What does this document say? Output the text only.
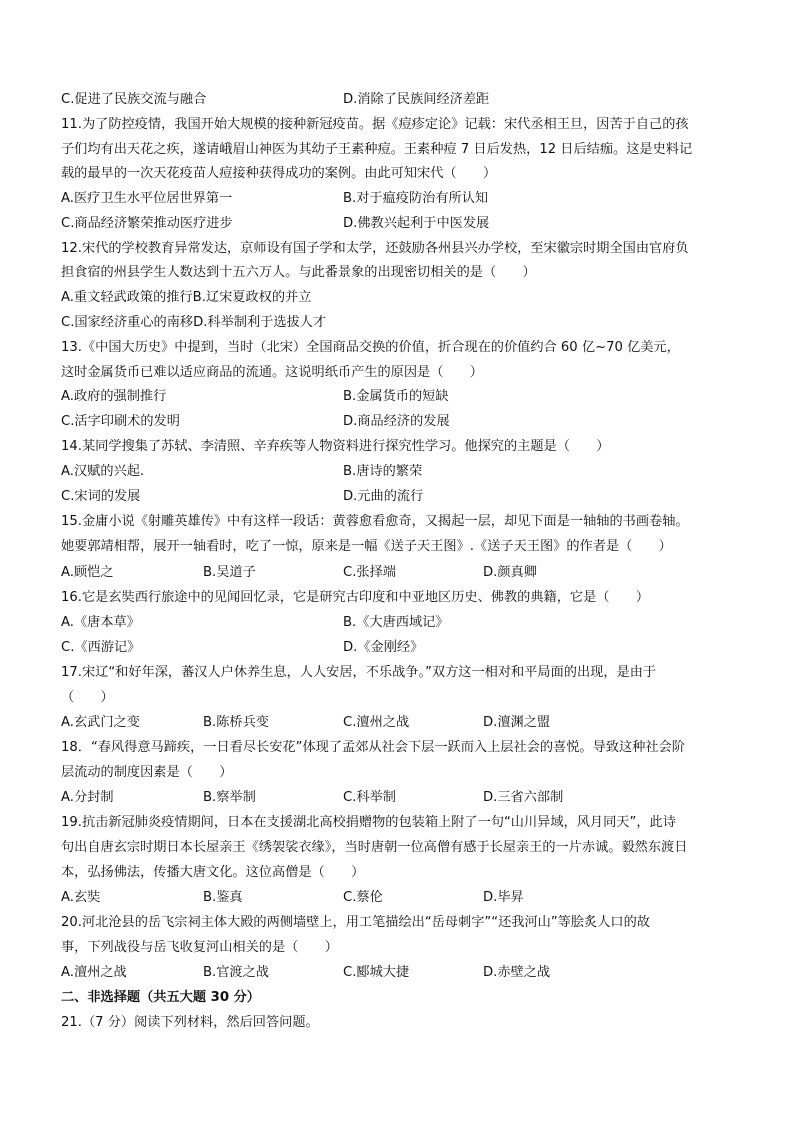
C.促进了民族交流与融合	D.消除了民族间经济差距
11.为了防控疫情，我国开始大规模的接种新冠疫苗。据《痘疹定论》记载：宋代丞相王旦，因苦于自己的孩
子们均有出天花之疾，遂请峨眉山神医为其幼子王素种痘。王素种痘 7 日后发热，12 日后结痂。这是史料记
载的最早的一次天花疫苗人痘接种获得成功的案例。由此可知宋代（　　）
A.医疗卫生水平位居世界第一	B.对于瘟疫防治有所认知
C.商品经济繁荣推动医疗进步	D.佛教兴起利于中医发展
12.宋代的学校教育异常发达，京师设有国子学和太学，还鼓励各州县兴办学校，至宋徽宗时期全国由官府负
担食宿的州县学生人数达到十五六万人。与此番景象的出现密切相关的是（　　）
A.重文轻武政策的推行B.辽宋夏政权的并立
C.国家经济重心的南移D.科举制利于选拔人才
13.《中国大历史》中提到，当时（北宋）全国商品交换的价值，折合现在的价值约合 60 亿~70 亿美元，
这时金属货币已难以适应商品的流通。这说明纸币产生的原因是（　　）
A.政府的强制推行	B.金属货币的短缺
C.活字印刷术的发明	D.商品经济的发展
14.某同学搜集了苏轼、李清照、辛弃疾等人物资料进行探究性学习。他探究的主题是（　　）
A.汉赋的兴起.	B.唐诗的繁荣
C.宋词的发展	D.元曲的流行
15.金庸小说《射雕英雄传》中有这样一段话：黄蓉愈看愈奇，又揭起一层，却见下面是一轴轴的书画卷轴。
她要郭靖相帮，展开一轴看时，吃了一惊，原来是一幅《送子天王图》.《送子天王图》的作者是（　　）
A.顾恺之	B.吴道子	C.张择端	D.颜真卿
16.它是玄奘西行旅途中的见闻回忆录，它是研究古印度和中亚地区历史、佛教的典籍，它是（　　）
A.《唐本草》	B.《大唐西域记》
C.《西游记》	D.《金刚经》
17.宋辽“和好年深，蕃汉人户休养生息，人人安居，不乐战争。”双方这一相对和平局面的出现，是由于
（　　）
A.玄武门之变	B.陈桥兵变	C.澶州之战	D.澶渊之盟
18．“春风得意马蹄疾，一日看尽长安花”体现了孟郊从社会下层一跃而入上层社会的喜悦。导致这种社会阶
层流动的制度因素是（　　）
A.分封制	B.察举制	C.科举制	D.三省六部制
19.抗击新冠肺炎疫情期间，日本在支援湖北高校捐赠物的包装箱上附了一句“山川异域，风月同天”，此诗
句出自唐玄宗时期日本长屋亲王《绣袈裟衣缘》，当时唐朝一位高僧有感于长屋亲王的一片赤诚。毅然东渡日
本，弘扬佛法，传播大唐文化。这位高僧是（　　）
A.玄奘	B.鉴真	C.蔡伦	D.毕昇
20.河北沧县的岳飞宗祠主体大殿的两侧墙壁上，用工笔描绘出“岳母刺字”“还我河山”等脍炙人口的故
事，下列战役与岳飞收复河山相关的是（　　）
A.澶州之战	B.官渡之战	C.郾城大捷	D.赤壁之战
二、非选择题（共五大题 30 分）
21.（7 分）阅读下列材料，然后回答问题。
